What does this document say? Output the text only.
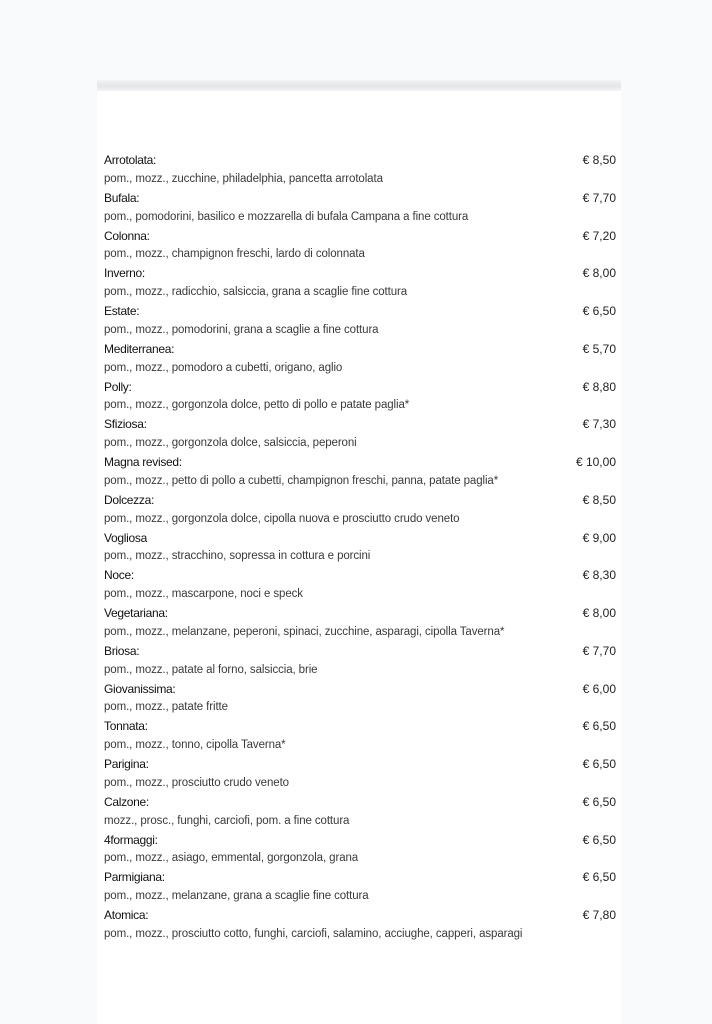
Arrotolata:	€ 8,50
pom., mozz., zucchine, philadelphia, pancetta arrotolata
Bufala:	€ 7,70
pom., pomodorini, basilico e mozzarella di bufala Campana a fine cottura
Colonna:	€ 7,20
pom., mozz., champignon freschi, lardo di colonnata
Inverno:	€ 8,00
pom., mozz., radicchio, salsiccia, grana a scaglie fine cottura
Estate:	€ 6,50
pom., mozz., pomodorini, grana a scaglie a fine cottura
Mediterranea:	€ 5,70
pom., mozz., pomodoro a cubetti, origano, aglio
Polly:	€ 8,80
pom., mozz., gorgonzola dolce, petto di pollo e patate paglia*
Sfiziosa:	€ 7,30
pom., mozz., gorgonzola dolce, salsiccia, peperoni
Magna revised:	€ 10,00
pom., mozz., petto di pollo a cubetti, champignon freschi, panna, patate paglia*
Dolcezza:	€ 8,50
pom., mozz., gorgonzola dolce, cipolla nuova e prosciutto crudo veneto
Vogliosa	€ 9,00
pom., mozz., stracchino, sopressa in cottura e porcini
Noce:	€ 8,30
pom., mozz., mascarpone, noci e speck
Vegetariana:	€ 8,00
pom., mozz., melanzane, peperoni, spinaci, zucchine, asparagi, cipolla Taverna*
Briosa:	€ 7,70
pom., mozz., patate al forno, salsiccia, brie
Giovanissima:	€ 6,00
pom., mozz., patate fritte
Tonnata:	€ 6,50
pom., mozz., tonno, cipolla Taverna*
Parigina:	€ 6,50
pom., mozz., prosciutto crudo veneto
Calzone:	€ 6,50
mozz., prosc., funghi, carciofi, pom. a fine cottura
4formaggi:	€ 6,50
pom., mozz., asiago, emmental, gorgonzola, grana
Parmigiana:	€ 6,50
pom., mozz., melanzane, grana a scaglie fine cottura
Atomica:	€ 7,80
pom., mozz., prosciutto cotto, funghi, carciofi, salamino, acciughe, capperi, asparagi
